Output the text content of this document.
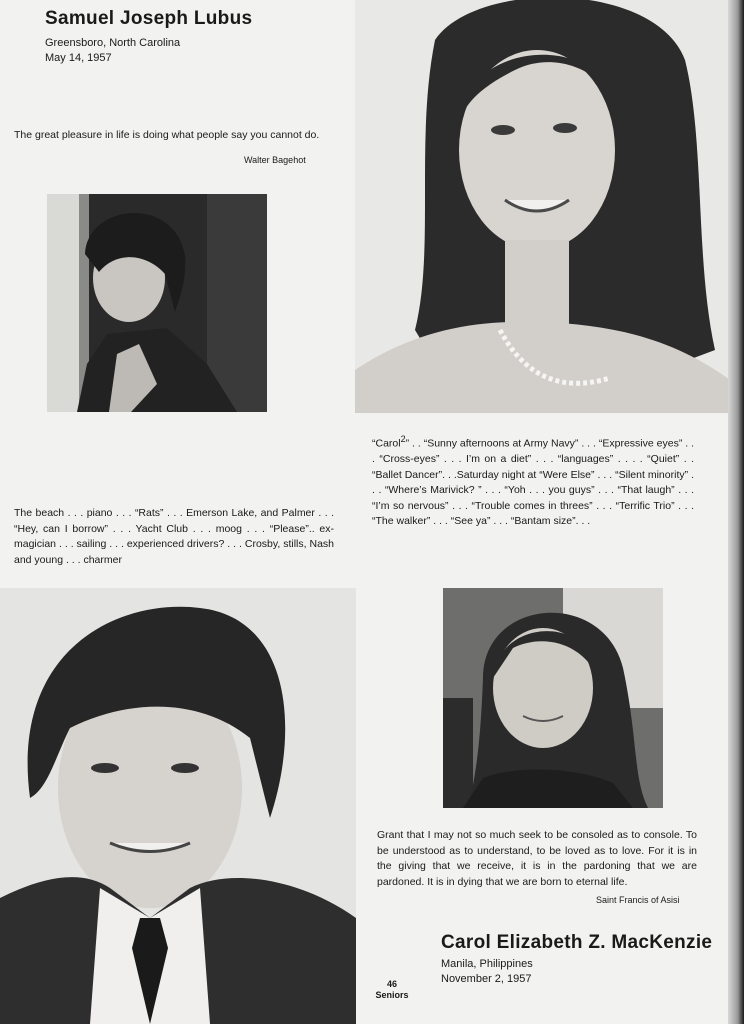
Samuel Joseph Lubus
Greensboro, North Carolina
May 14, 1957
The great pleasure in life is doing what people say you cannot do.
Walter Bagehot
The beach . . . piano . . . “Rats” . . . Emerson Lake, and Palmer . . . “Hey, can I borrow” . . . Yacht Club . . . moog . . . “Please”.. ex-magician . . . sailing . . . experienced drivers? . . . Crosby, stills, Nash and young . . . charmer
“Carol$^2$” . . “Sunny afternoons at Army Navy” . . . “Expressive eyes” . . . “Cross-eyes” . . . I’m on a diet” . . . “languages” . . . . “Quiet” . . “Ballet Dancer”. . .Saturday night at “Were Else” . . . “Silent minority” . . . “Where’s Marivick? ” . . . “Yoh . . . you guys” . . . “That laugh” . . . “I’m so nervous” . . . “Trouble comes in threes” . . . “Terrific Trio” . . . “The walker” . . . “See ya” . . . “Bantam size”. . .
Grant that I may not so much seek to be consoled as to console. To be understood as to understand, to be loved as to love. For it is in the giving that we receive, it is in the pardoning that we are pardoned. It is in dying that we are born to eternal life.
Saint Francis of Asisi
Carol Elizabeth Z. MacKenzie
Manila, Philippines
November 2, 1957
46
Seniors
